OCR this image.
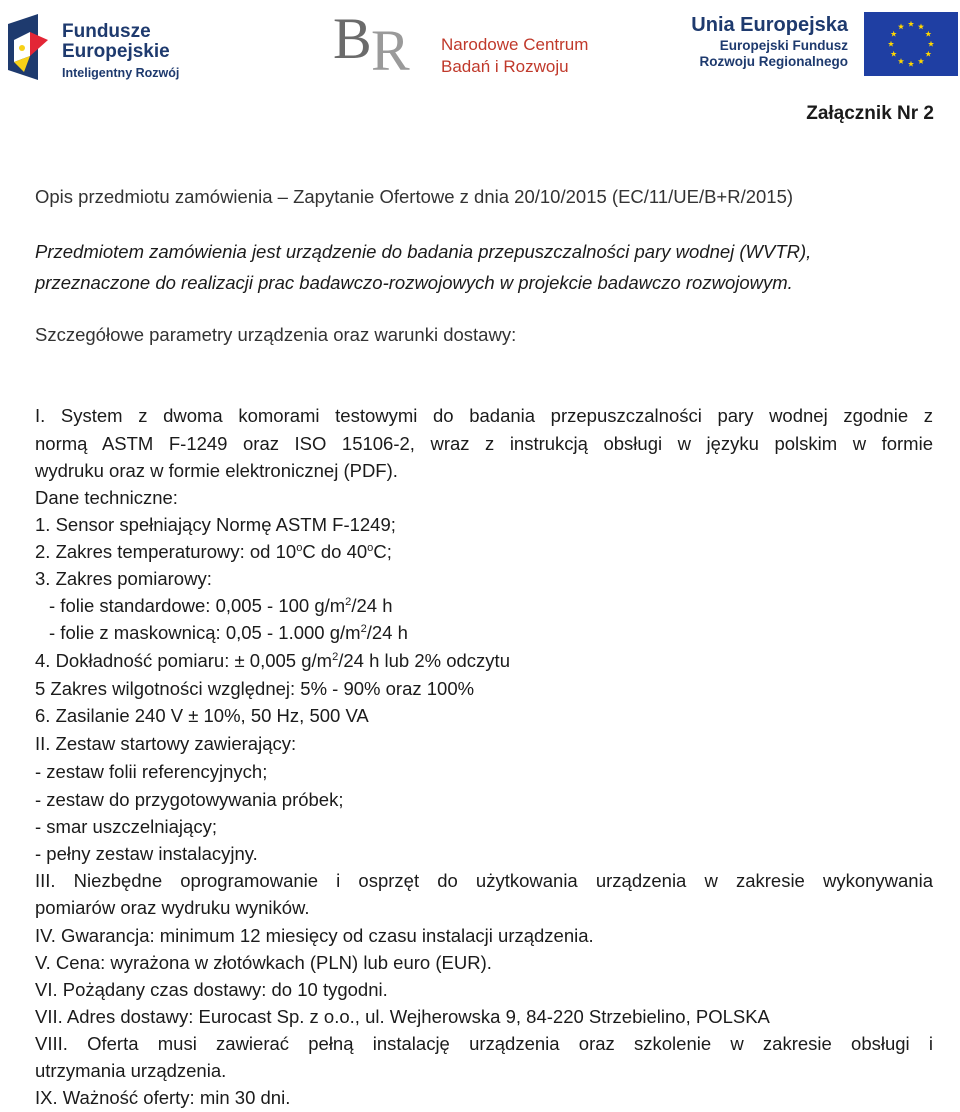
Fundusze
Europejskie
Inteligentny Rozwój
B R Narodowe Centrum
Badań i Rozwoju
Unia Europejska
Europejski Fundusz
Rozwoju Regionalnego
Załącznik Nr 2
Opis przedmiotu zamówienia – Zapytanie Ofertowe z dnia 20/10/2015 (EC/11/UE/B+R/2015)
Przedmiotem zamówienia jest urządzenie do badania przepuszczalności pary wodnej (WVTR),
przeznaczone do realizacji prac badawczo-rozwojowych w projekcie badawczo rozwojowym.
Szczegółowe parametry urządzenia oraz warunki dostawy:
I. System z dwoma komorami testowymi do badania przepuszczalności pary wodnej zgodnie z
normą ASTM F-1249 oraz ISO 15106-2, wraz z instrukcją obsługi w języku polskim w formie
wydruku oraz w formie elektronicznej (PDF).
Dane techniczne:
1. Sensor spełniający Normę ASTM F-1249;
2. Zakres temperaturowy: od 10$^o$C do 40$^o$C;
3. Zakres pomiarowy:
- folie standardowe: 0,005 - 100 $g/m^2/24$ h
- folie z maskownicą: 0,05 - 1.000 $g/m^2/24$ h
4. Dokładność pomiaru: ± 0,005 $g/m^2/24$ h lub 2% odczytu
5 Zakres wilgotności względnej: 5% - 90% oraz 100%
6. Zasilanie 240 V ± 10%, 50 Hz, 500 VA
II. Zestaw startowy zawierający:
- zestaw folii referencyjnych;
- zestaw do przygotowywania próbek;
- smar uszczelniający;
- pełny zestaw instalacyjny.
III. Niezbędne oprogramowanie i osprzęt do użytkowania urządzenia w zakresie wykonywania
pomiarów oraz wydruku wyników.
IV. Gwarancja: minimum 12 miesięcy od czasu instalacji urządzenia.
V. Cena: wyrażona w złotówkach (PLN) lub euro (EUR).
VI. Pożądany czas dostawy: do 10 tygodni.
VII. Adres dostawy: Eurocast Sp. z o.o., ul. Wejherowska 9, 84-220 Strzebielino, POLSKA
VIII. Oferta musi zawierać pełną instalację urządzenia oraz szkolenie w zakresie obsługi i
utrzymania urządzenia.
IX. Ważność oferty: min 30 dni.
